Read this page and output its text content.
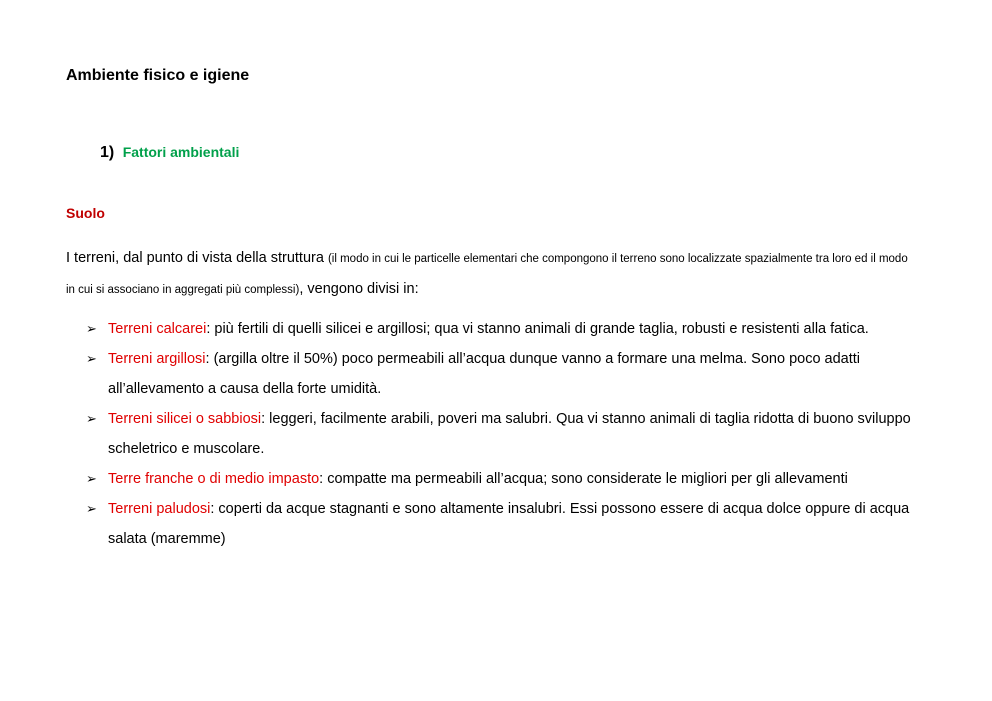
Ambiente fisico e igiene
1) Fattori ambientali
Suolo
I terreni, dal punto di vista della struttura (il modo in cui le particelle elementari che compongono il terreno sono localizzate spazialmente tra loro ed il modo in cui si associano in aggregati più complessi), vengono divisi in:
➢ Terreni calcarei: più fertili di quelli silicei e argillosi; qua vi stanno animali di grande taglia, robusti e resistenti alla fatica.
➢ Terreni argillosi: (argilla oltre il 50%) poco permeabili all’acqua dunque vanno a formare una melma. Sono poco adatti all’allevamento a causa della forte umidità.
➢ Terreni silicei o sabbiosi: leggeri, facilmente arabili, poveri ma salubri. Qua vi stanno animali di taglia ridotta di buono sviluppo scheletrico e muscolare.
➢ Terre franche o di medio impasto: compatte ma permeabili all’acqua; sono considerate le migliori per gli allevamenti
➢ Terreni paludosi: coperti da acque stagnanti e sono altamente insalubri. Essi possono essere di acqua dolce oppure di acqua salata (maremme)
